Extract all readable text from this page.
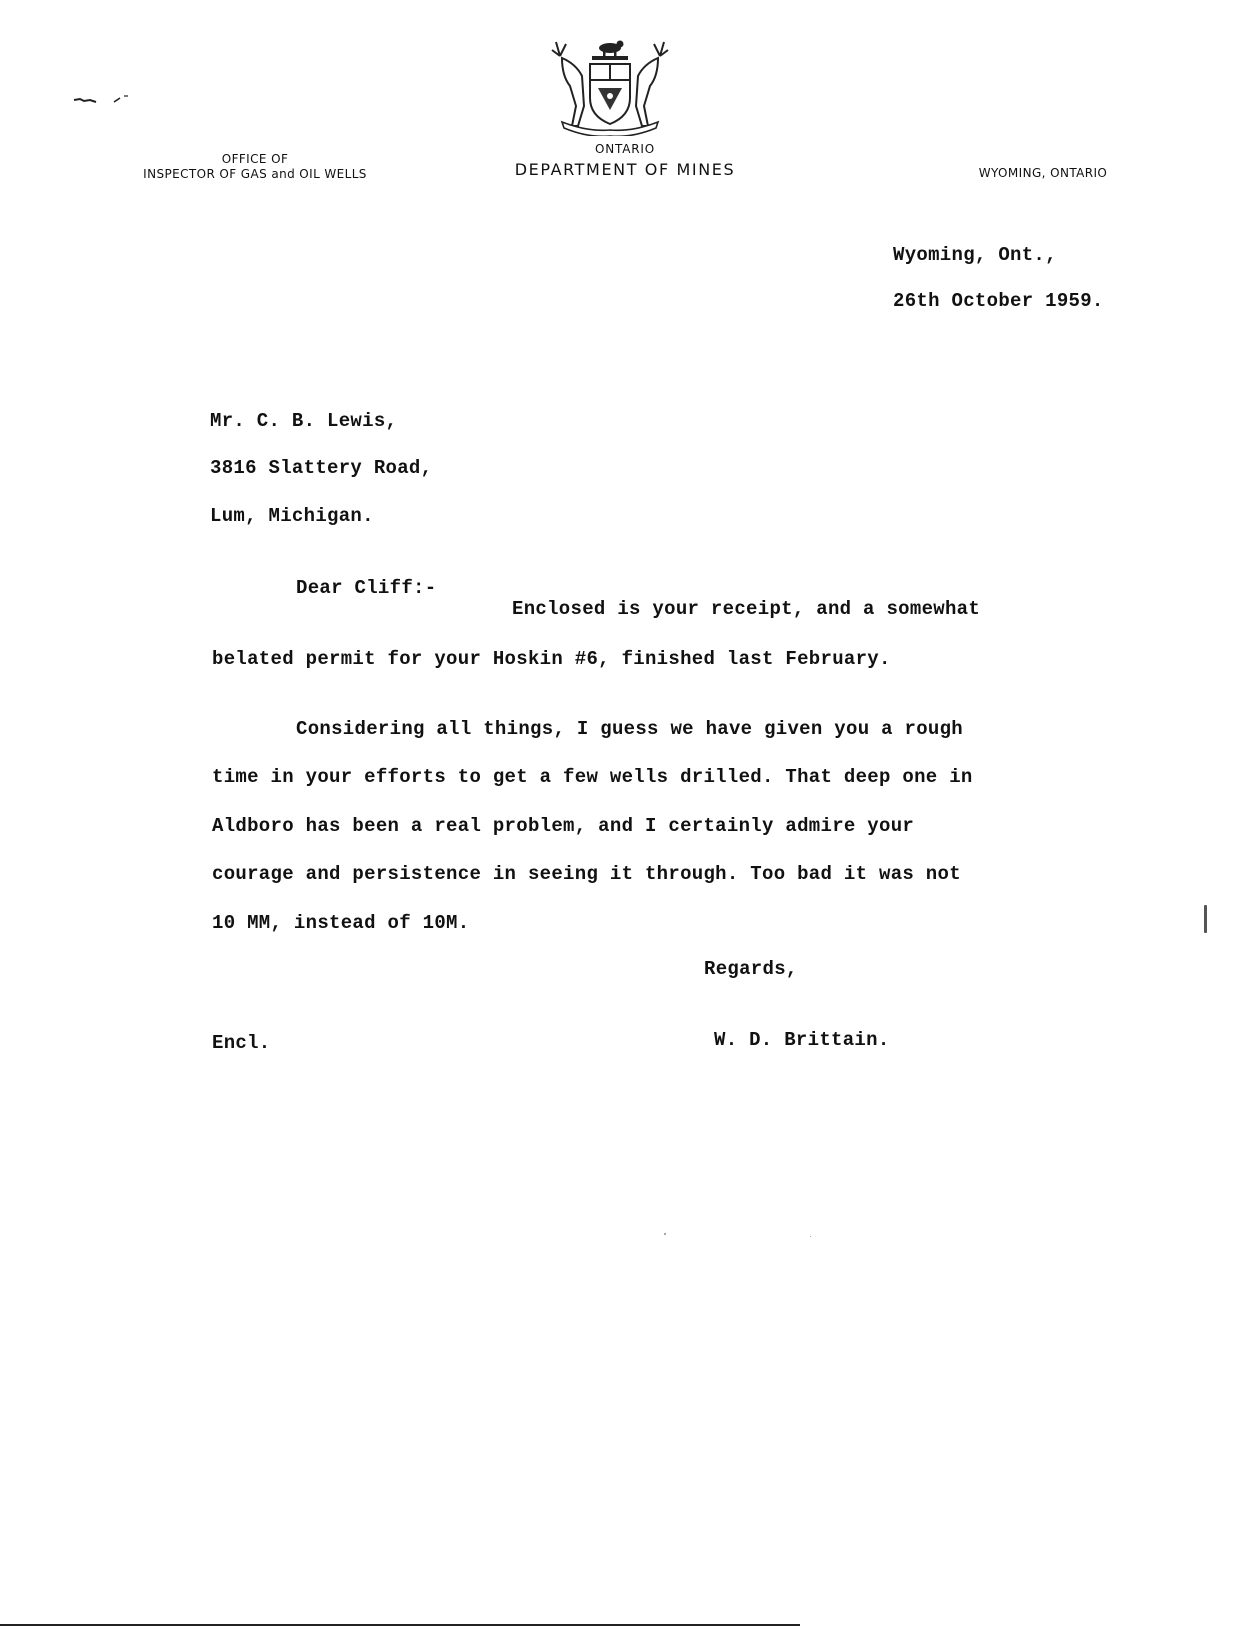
OFFICE OF
INSPECTOR OF GAS and OIL WELLS
ONTARIO
DEPARTMENT OF MINES	WYOMING, ONTARIO
Wyoming, Ont.,
26th October 1959.
Mr. C. B. Lewis,
3816 Slattery Road,
Lum, Michigan.
Dear Cliff:-
Enclosed is your receipt, and a somewhat
belated permit for your Hoskin #6, finished last February.
Considering all things, I guess we have given you a rough
time in your efforts to get a few wells drilled. That deep one in
Aldboro has been a real problem, and I certainly admire your
courage and persistence in seeing it through. Too bad it was not
10 MM, instead of 10M.
Regards,
Encl.	W. D. Brittain.
